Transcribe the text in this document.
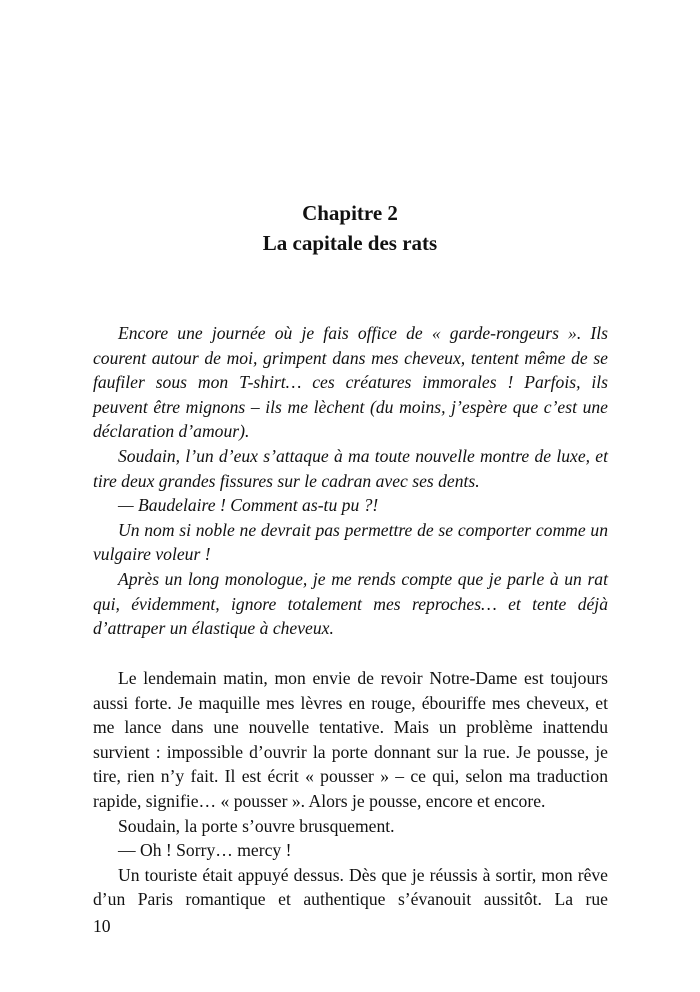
Chapitre 2
La capitale des rats

Encore une journée où je fais office de « garde-rongeurs ». Ils courent autour de moi, grimpent dans mes cheveux, tentent même de se faufiler sous mon T-shirt… ces créatures immorales ! Parfois, ils peuvent être mignons – ils me lèchent (du moins, j’espère que c’est une déclaration d’amour).

Soudain, l’un d’eux s’attaque à ma toute nouvelle montre de luxe, et tire deux grandes fissures sur le cadran avec ses dents.

— Baudelaire ! Comment as-tu pu ?!

Un nom si noble ne devrait pas permettre de se comporter comme un vulgaire voleur !

Après un long monologue, je me rends compte que je parle à un rat qui, évidemment, ignore totalement mes reproches… et tente déjà d’attraper un élastique à cheveux.

Le lendemain matin, mon envie de revoir Notre-Dame est toujours aussi forte. Je maquille mes lèvres en rouge, ébouriffe mes cheveux, et me lance dans une nouvelle tentative. Mais un problème inattendu survient : impossible d’ouvrir la porte donnant sur la rue. Je pousse, je tire, rien n’y fait. Il est écrit « pousser » – ce qui, selon ma traduction rapide, signifie… « pousser ». Alors je pousse, encore et encore.

Soudain, la porte s’ouvre brusquement.

— Oh ! Sorry… mercy !

Un touriste était appuyé dessus. Dès que je réussis à sortir, mon rêve d’un Paris romantique et authentique s’évanouit aussitôt. La rue

10
